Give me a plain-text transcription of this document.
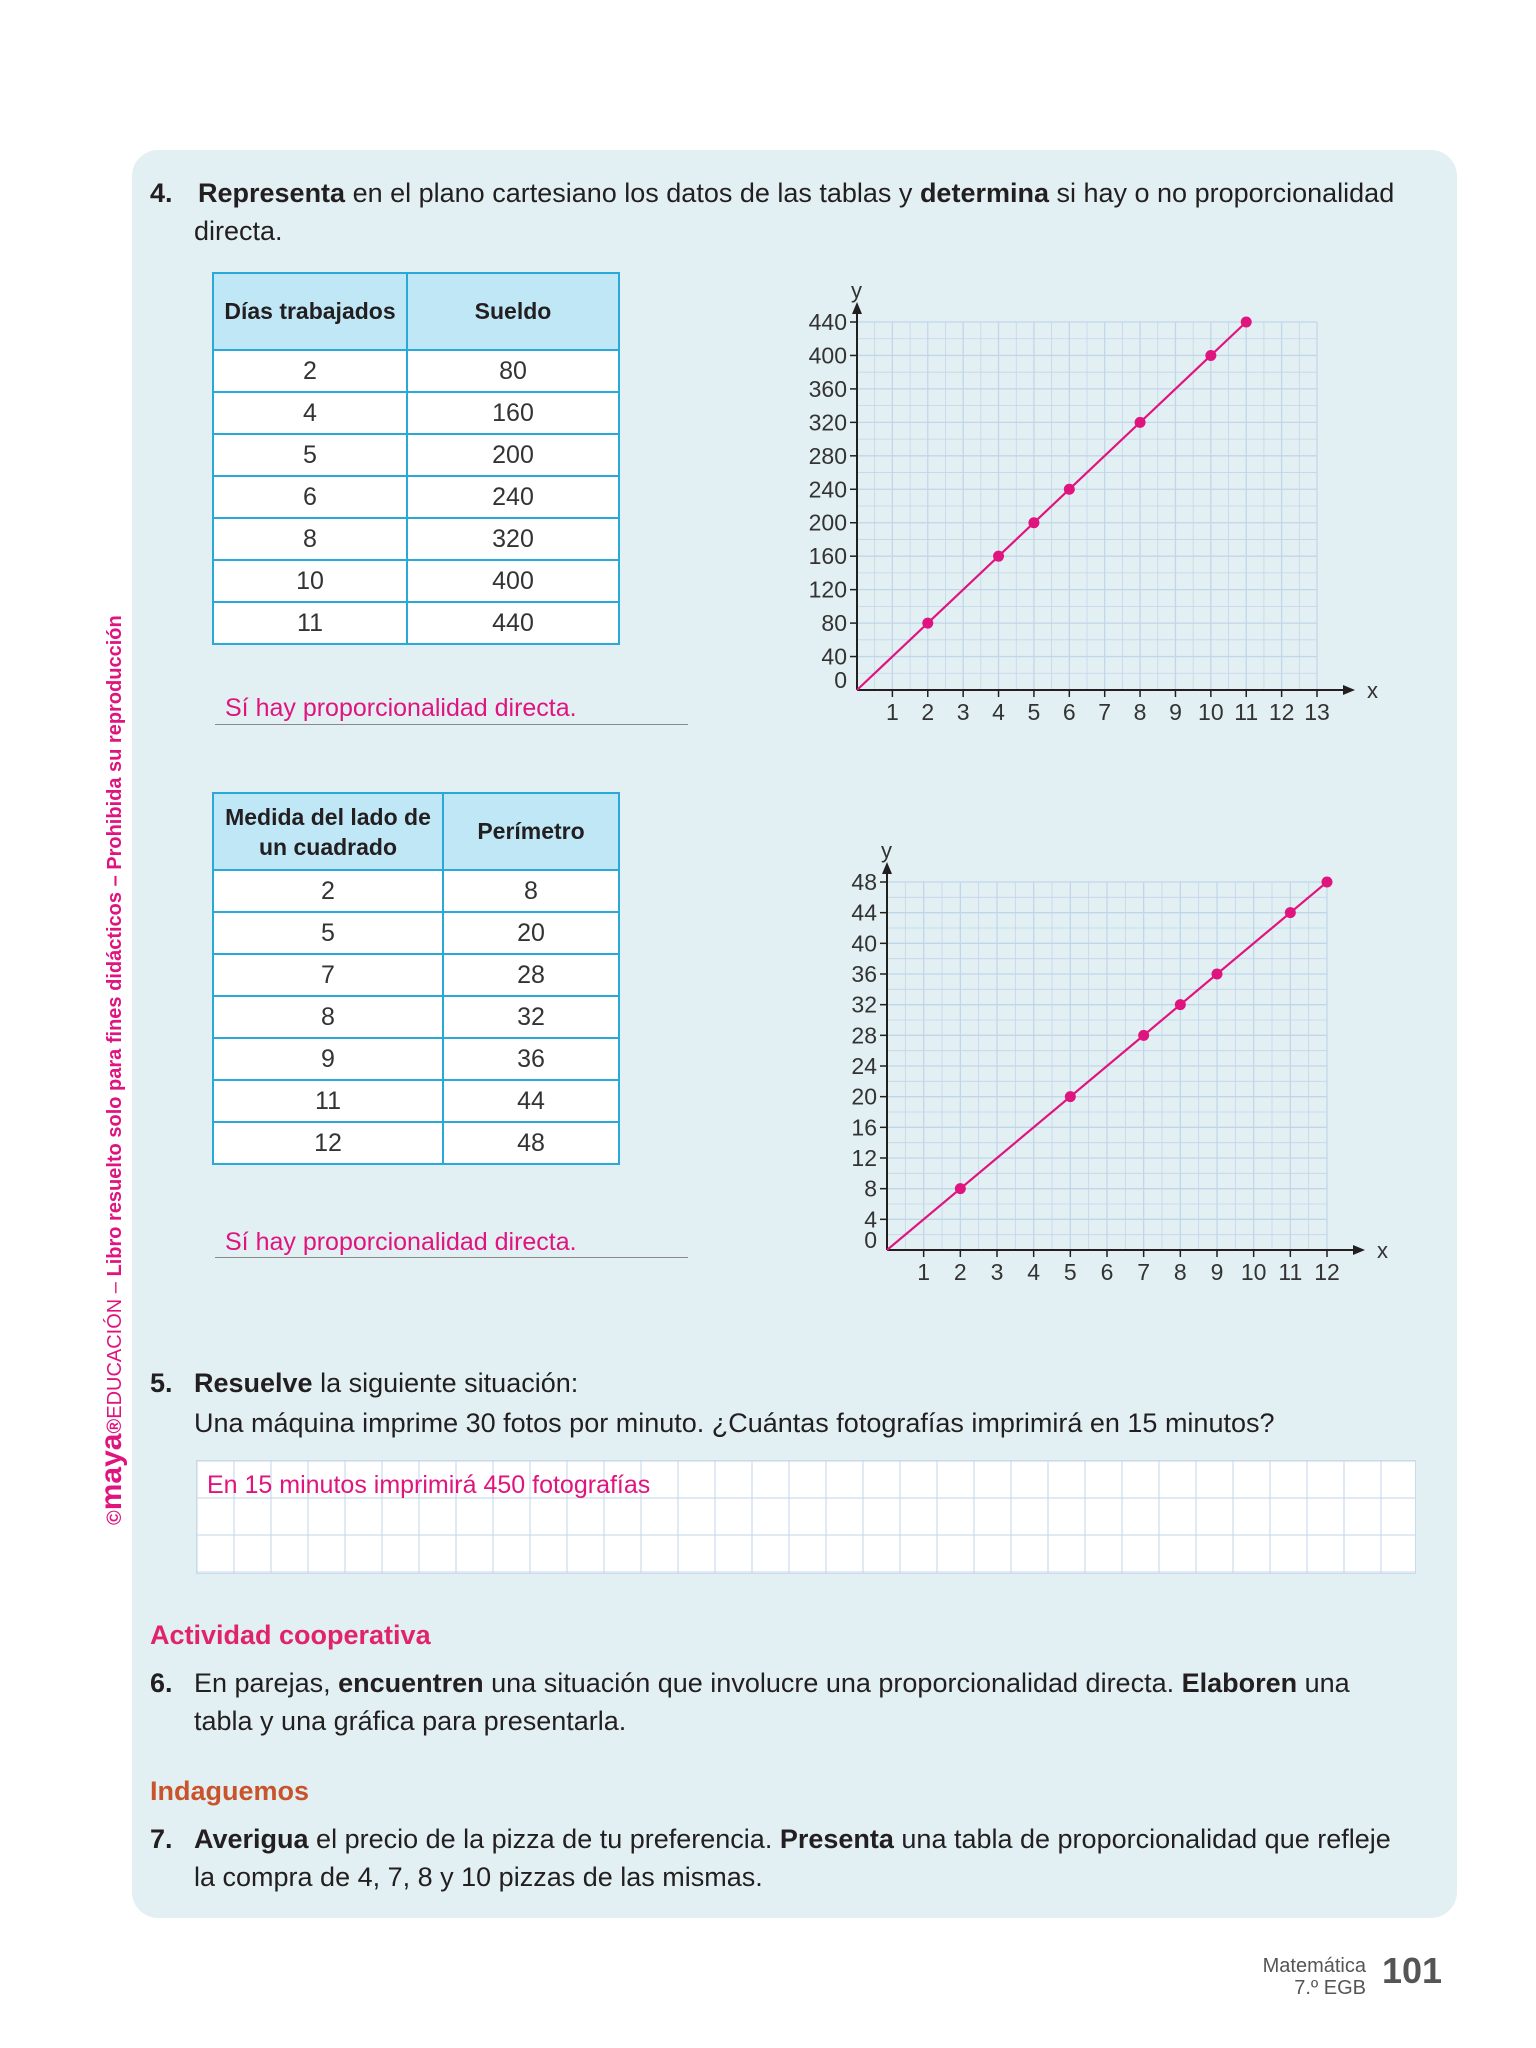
©maya®EDUCACIÓN – Libro resuelto solo para fines didácticos – Prohibida su reproducción
4. Representa en el plano cartesiano los datos de las tablas y determina si hay o no proporcionalidad
directa.
Días trabajados	Sueldo
2	80
4	160
5	200
6	240
8	320
10	400
11	440
Sí hay proporcionalidad directa.
Medida del lado de un cuadrado	Perímetro
2	8
5	20
7	28
8	32
9	36
11	44
12	48
Sí hay proporcionalidad directa.
x
y
1 2 3 4 5 6 7 8 9 10 11 12 13
0
40
80
120
160
200
240
280
320
360
400
440
x
y
1 2 3 4 5 6 7 8 9 10 11 12
0
4
8
12
16
20
24
28
32
36
40
44
48
5. Resuelve la siguiente situación:
Una máquina imprime 30 fotos por minuto. ¿Cuántas fotografías imprimirá en 15 minutos?
En 15 minutos imprimirá 450 fotografías
Actividad cooperativa
6. En parejas, encuentren una situación que involucre una proporcionalidad directa. Elaboren una
tabla y una gráfica para presentarla.
Indaguemos
7. Averigua el precio de la pizza de tu preferencia. Presenta una tabla de proporcionalidad que refleje
la compra de 4, 7, 8 y 10 pizzas de las mismas.
Matemática
7.º EGB 101
